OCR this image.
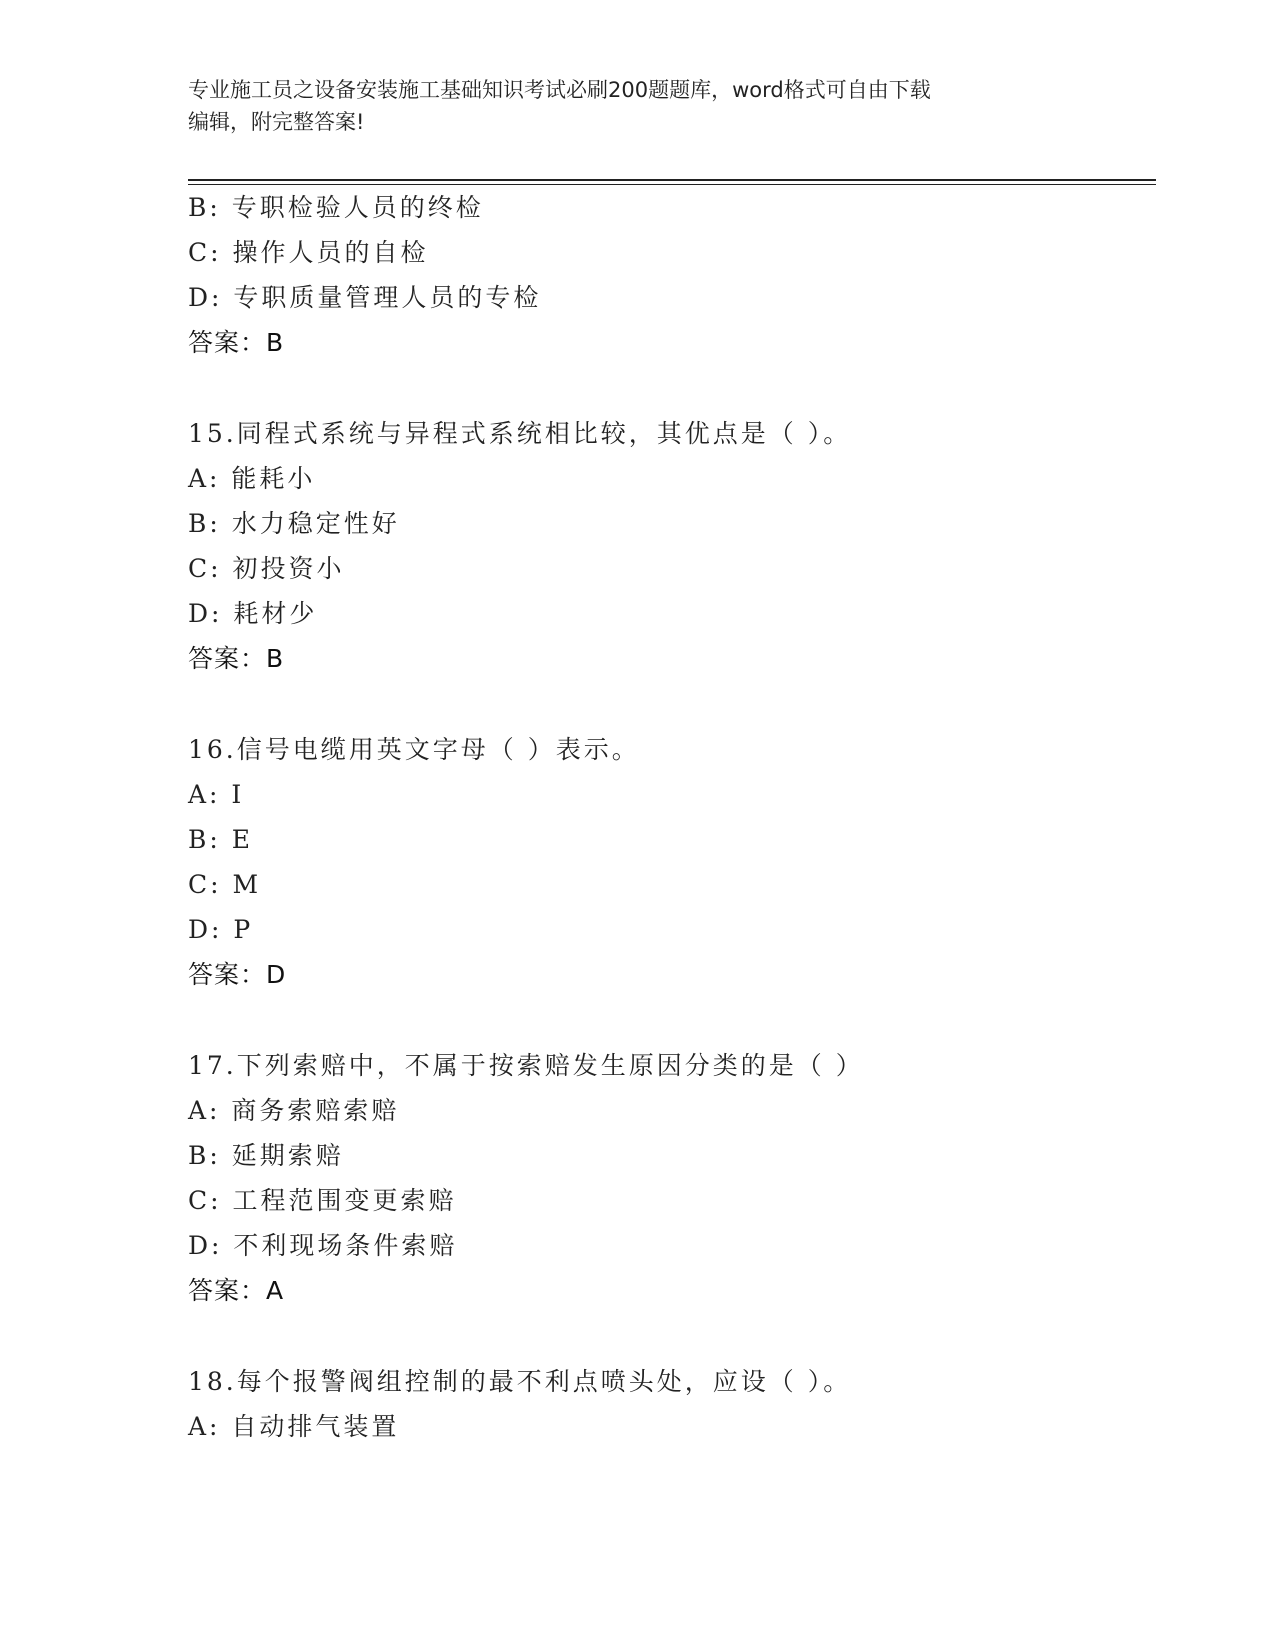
专业施工员之设备安装施工基础知识考试必刷200题题库，word格式可自由下载
编辑，附完整答案!
B: 专职检验人员的终检
C: 操作人员的自检
D: 专职质量管理人员的专检
答案：B
15.同程式系统与异程式系统相比较，其优点是（ ）。
A: 能耗小
B: 水力稳定性好
C: 初投资小
D: 耗材少
答案：B
16.信号电缆用英文字母（ ）表示。
A: I
B: E
C: M
D: P
答案：D
17.下列索赔中，不属于按索赔发生原因分类的是（ ）
A: 商务索赔索赔
B: 延期索赔
C: 工程范围变更索赔
D: 不利现场条件索赔
答案：A
18.每个报警阀组控制的最不利点喷头处，应设（ ）。
A: 自动排气装置
